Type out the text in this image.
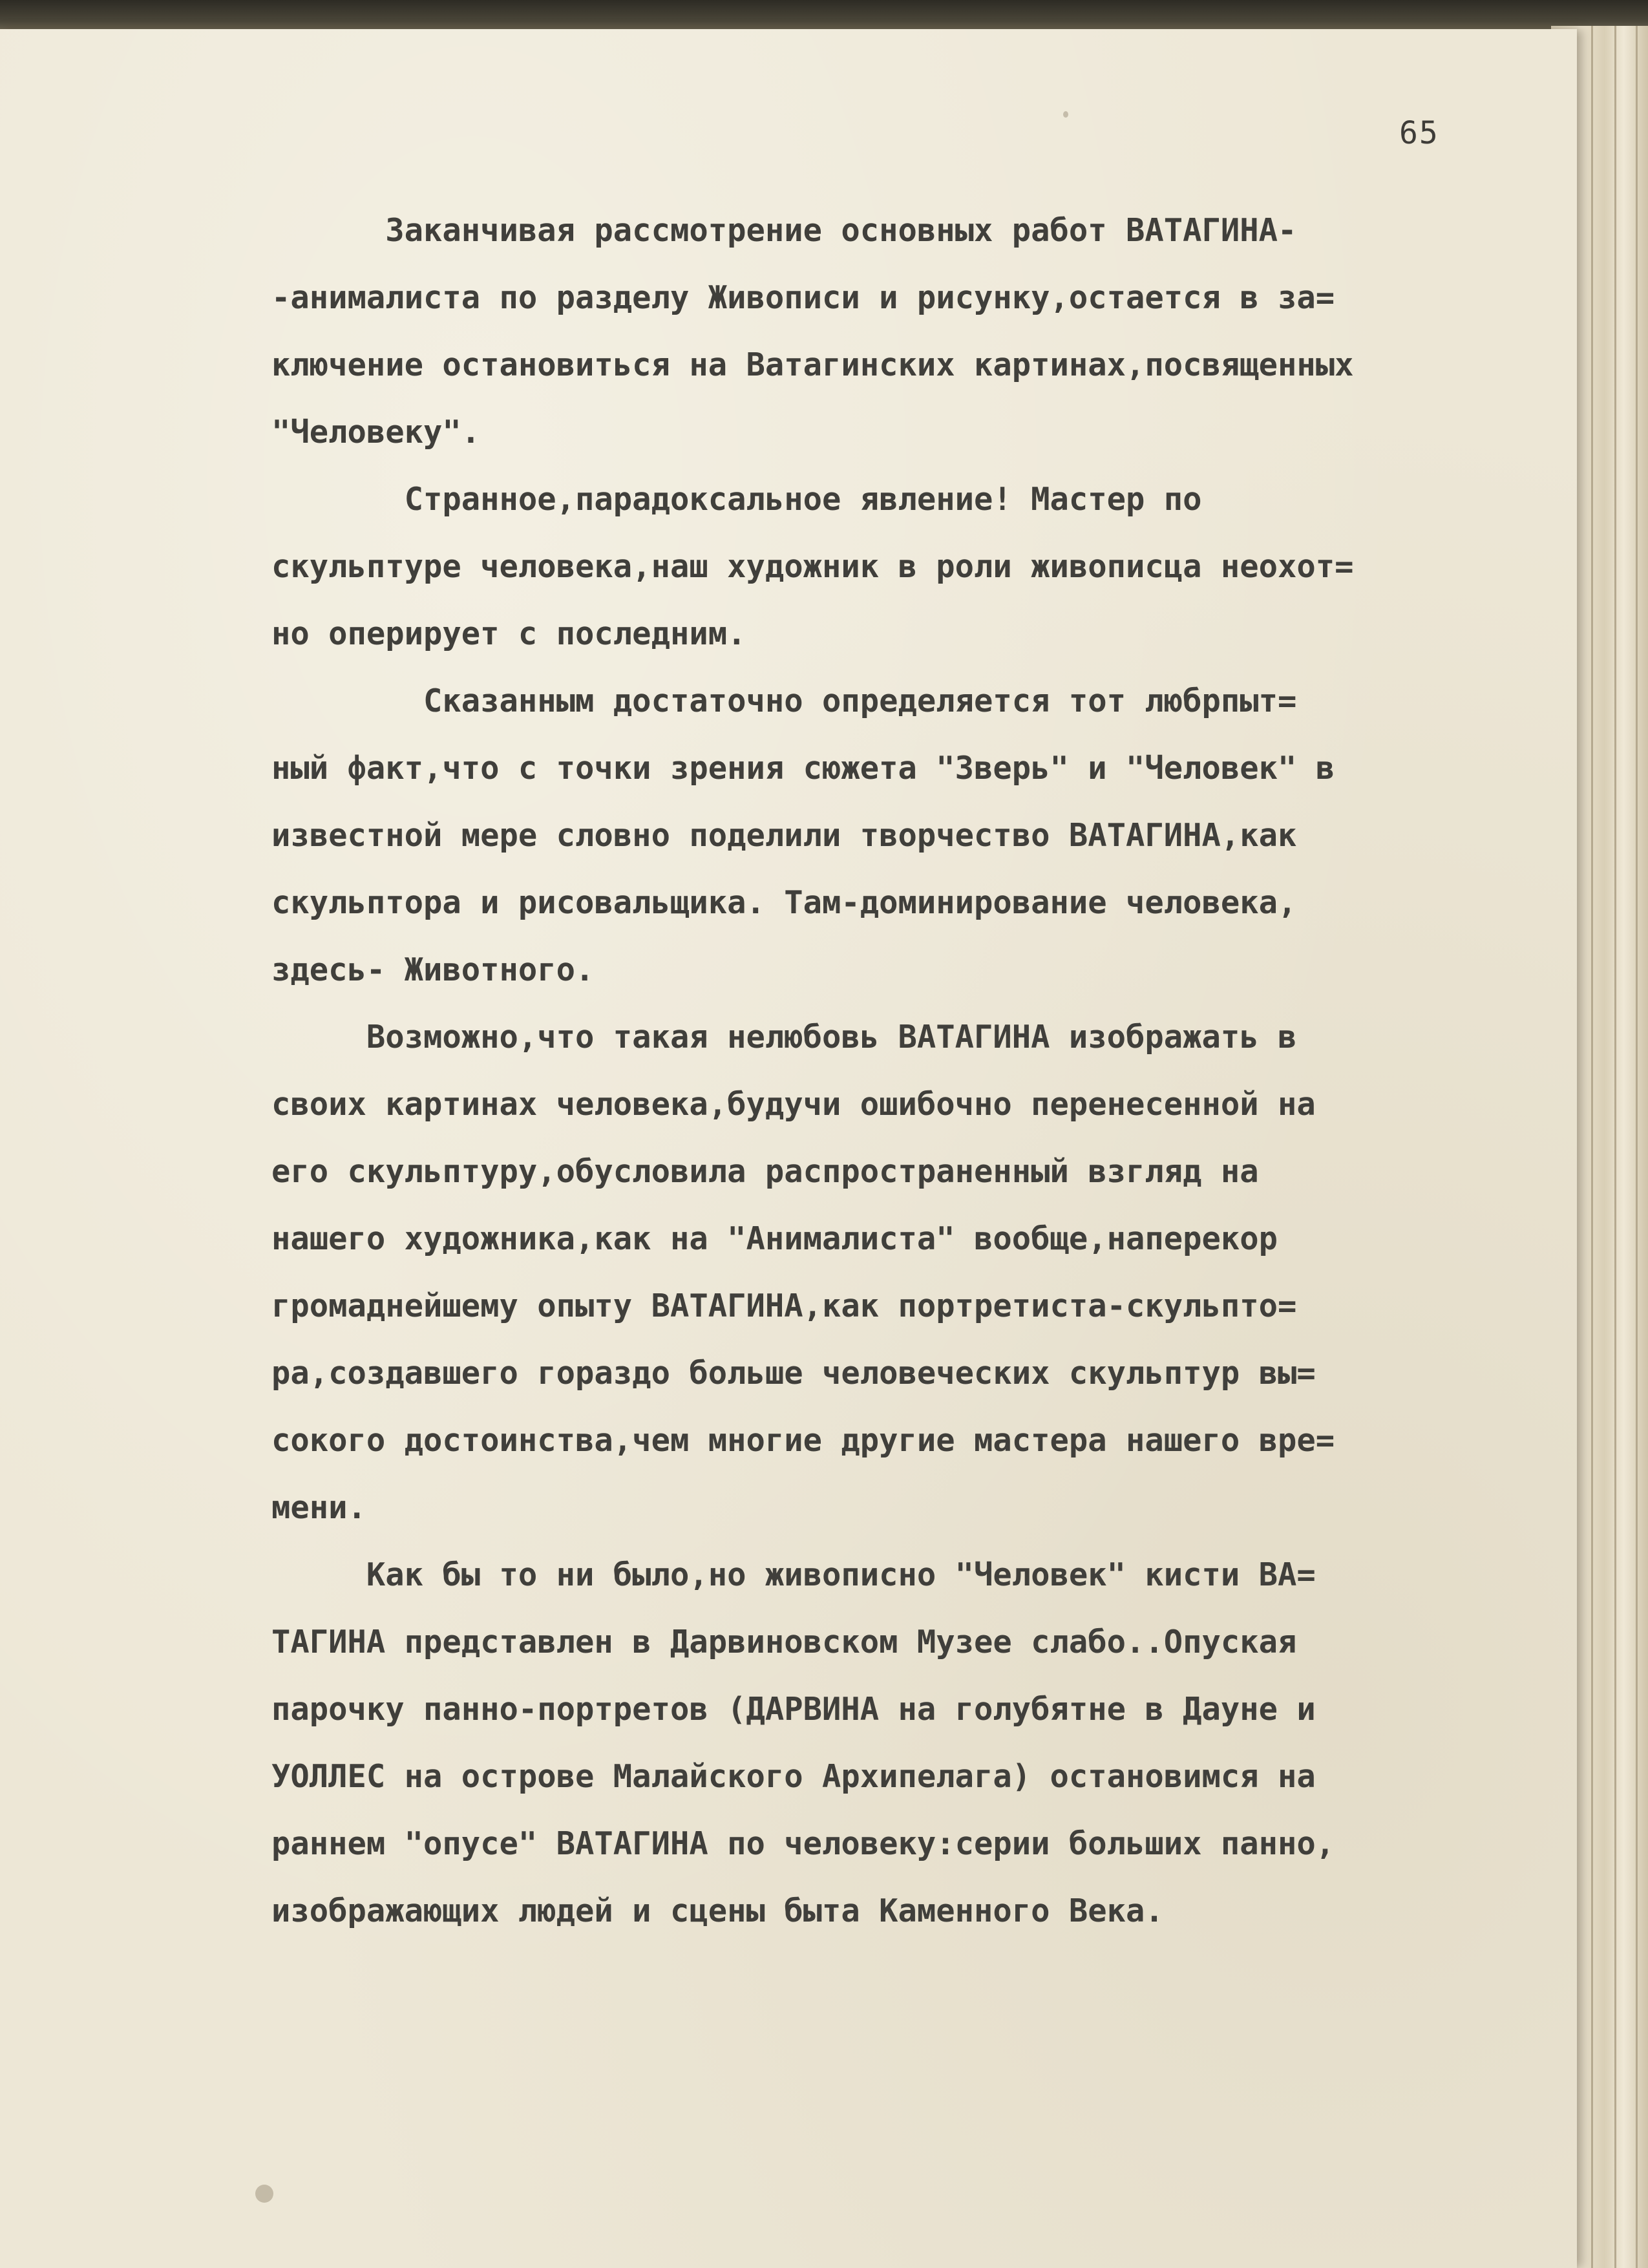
65

Заканчивая рассмотрение основных работ ВАТАГИНА-
-анималиста по разделу Живописи и рисунку,остается в за=
ключение остановиться на Ватагинских картинах,посвященных
"Человеку".

Странное,парадоксальное явление! Мастер по
скульптуре человека,наш художник в роли живописца неохот=
но оперирует с последним.

Сказанным достаточно определяется тот любрпыт=
ный факт,что с точки зрения сюжета "Зверь" и "Человек" в
известной мере словно поделили творчество ВАТАГИНА,как
скульптора и рисовальщика. Там-доминирование человека,
здесь- Животного.

Возможно,что такая нелюбовь ВАТАГИНА изображать в
своих картинах человека,будучи ошибочно перенесенной на
его скульптуру,обусловила распространенный взгляд на
нашего художника,как на "Анималиста" вообще,наперекор
громаднейшему опыту ВАТАГИНА,как портретиста-скульпто=
ра,создавшего гораздо больше человеческих скульптур вы=
сокого достоинства,чем многие другие мастера нашего вре=
мени.

Как бы то ни было,но живописно "Человек" кисти ВА=
ТАГИНА представлен в Дарвиновском Музее слабо..Опуская
парочку панно-портретов (ДАРВИНА на голубятне в Дауне и
УОЛЛЕС на острове Малайского Архипелага) остановимся на
раннем "опусе" ВАТАГИНА по человеку:серии больших панно,
изображающих людей и сцены быта Каменного Века.
